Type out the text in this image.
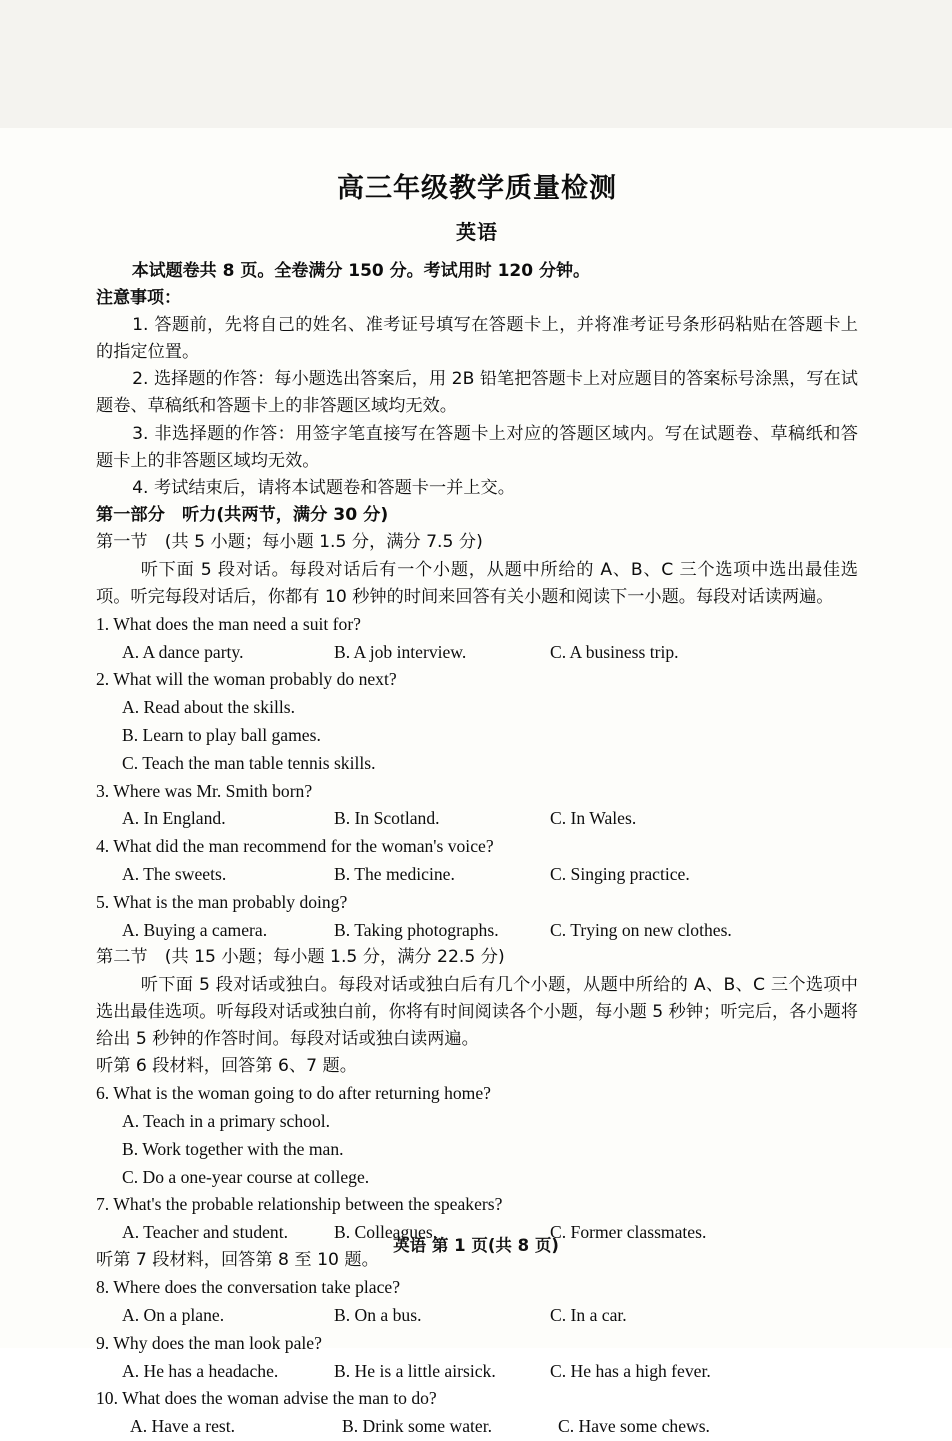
高三年级教学质量检测

英语

本试题卷共 8 页。全卷满分 150 分。考试用时 120 分钟。

注意事项：

1. 答题前，先将自己的姓名、准考证号填写在答题卡上，并将准考证号条形码粘贴在答题卡上的指定位置。

2. 选择题的作答：每小题选出答案后，用 2B 铅笔把答题卡上对应题目的答案标号涂黑，写在试题卷、草稿纸和答题卡上的非答题区域均无效。

3. 非选择题的作答：用签字笔直接写在答题卡上对应的答题区域内。写在试题卷、草稿纸和答题卡上的非答题区域均无效。

4. 考试结束后，请将本试题卷和答题卡一并上交。

第一部分　听力(共两节，满分 30 分)

第一节　(共 5 小题；每小题 1.5 分，满分 7.5 分)

听下面 5 段对话。每段对话后有一个小题，从题中所给的 A、B、C 三个选项中选出最佳选项。听完每段对话后，你都有 10 秒钟的时间来回答有关小题和阅读下一小题。每段对话读两遍。

1. What does the man need a suit for?

A. A dance party.	B. A job interview.	C. A business trip.

2. What will the woman probably do next?

A. Read about the skills.

B. Learn to play ball games.

C. Teach the man table tennis skills.

3. Where was Mr. Smith born?

A. In England.	B. In Scotland.	C. In Wales.

4. What did the man recommend for the woman's voice?

A. The sweets.	B. The medicine.	C. Singing practice.

5. What is the man probably doing?

A. Buying a camera.	B. Taking photographs.	C. Trying on new clothes.

第二节　(共 15 小题；每小题 1.5 分，满分 22.5 分)

听下面 5 段对话或独白。每段对话或独白后有几个小题，从题中所给的 A、B、C 三个选项中选出最佳选项。听每段对话或独白前，你将有时间阅读各个小题，每小题 5 秒钟；听完后，各小题将给出 5 秒钟的作答时间。每段对话或独白读两遍。

听第 6 段材料，回答第 6、7 题。

6. What is the woman going to do after returning home?

A. Teach in a primary school.

B. Work together with the man.

C. Do a one-year course at college.

7. What's the probable relationship between the speakers?

A. Teacher and student.	B. Colleagues.	C. Former classmates.

听第 7 段材料，回答第 8 至 10 题。

8. Where does the conversation take place?

A. On a plane.	B. On a bus.	C. In a car.

9. Why does the man look pale?

A. He has a headache.	B. He is a little airsick.	C. He has a high fever.

10. What does the woman advise the man to do?

A. Have a rest.	B. Drink some water.	C. Have some chews.
英语 第 1 页(共 8 页)
